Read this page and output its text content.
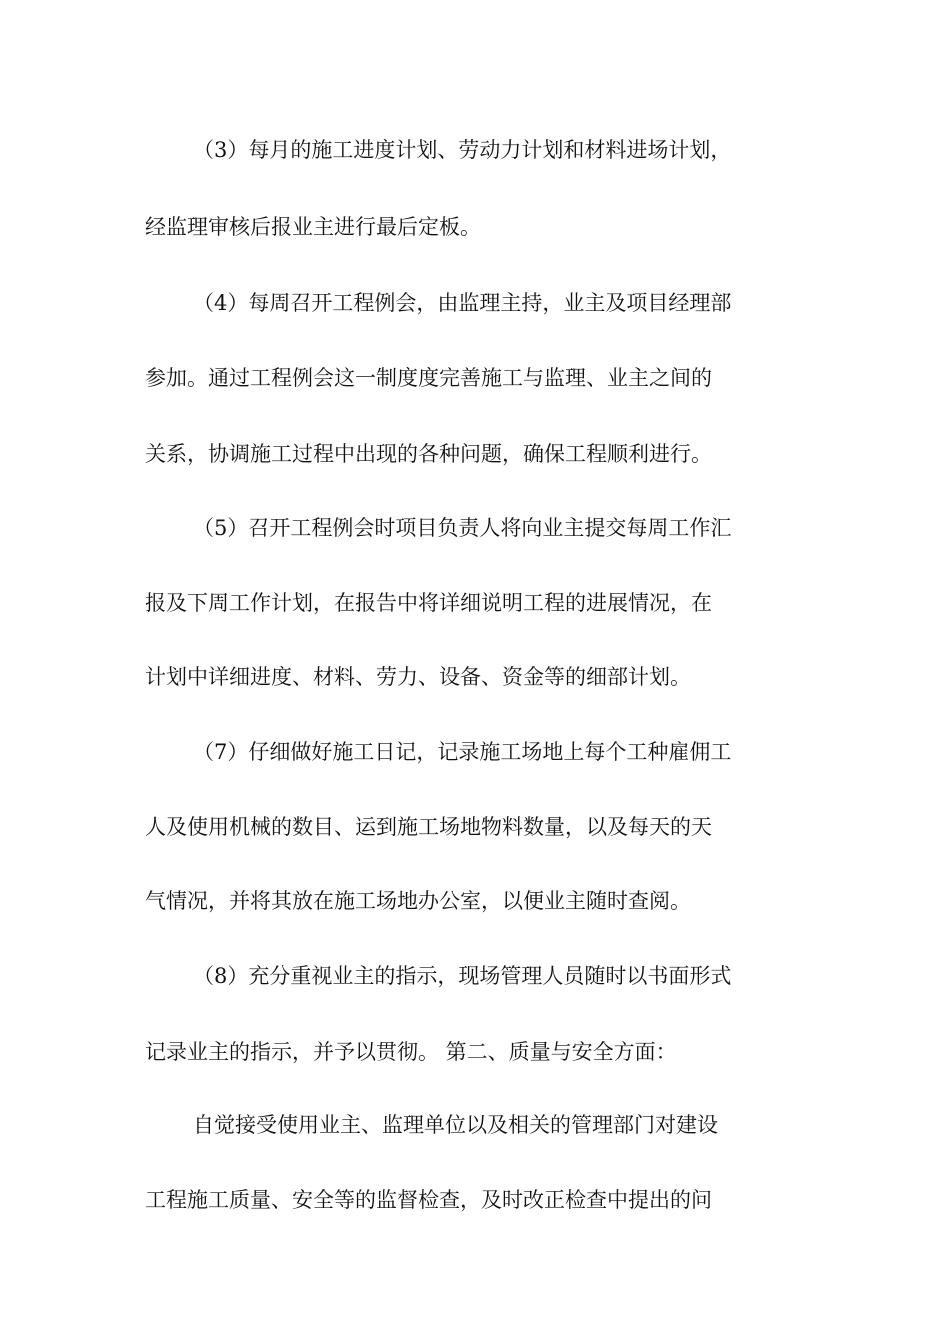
（3）每月的施工进度计划、劳动力计划和材料进场计划，
经监理审核后报业主进行最后定板。
（4）每周召开工程例会，由监理主持，业主及项目经理部
参加。通过工程例会这一制度度完善施工与监理、业主之间的
关系，协调施工过程中出现的各种问题，确保工程顺利进行。
（5）召开工程例会时项目负责人将向业主提交每周工作汇
报及下周工作计划，在报告中将详细说明工程的进展情况，在
计划中详细进度、材料、劳力、设备、资金等的细部计划。
（7）仔细做好施工日记，记录施工场地上每个工种雇佣工
人及使用机械的数目、运到施工场地物料数量，以及每天的天
气情况，并将其放在施工场地办公室，以便业主随时查阅。
（8）充分重视业主的指示，现场管理人员随时以书面形式
记录业主的指示，并予以贯彻。 第二、质量与安全方面：
自觉接受使用业主、监理单位以及相关的管理部门对建设
工程施工质量、安全等的监督检查，及时改正检查中提出的问
